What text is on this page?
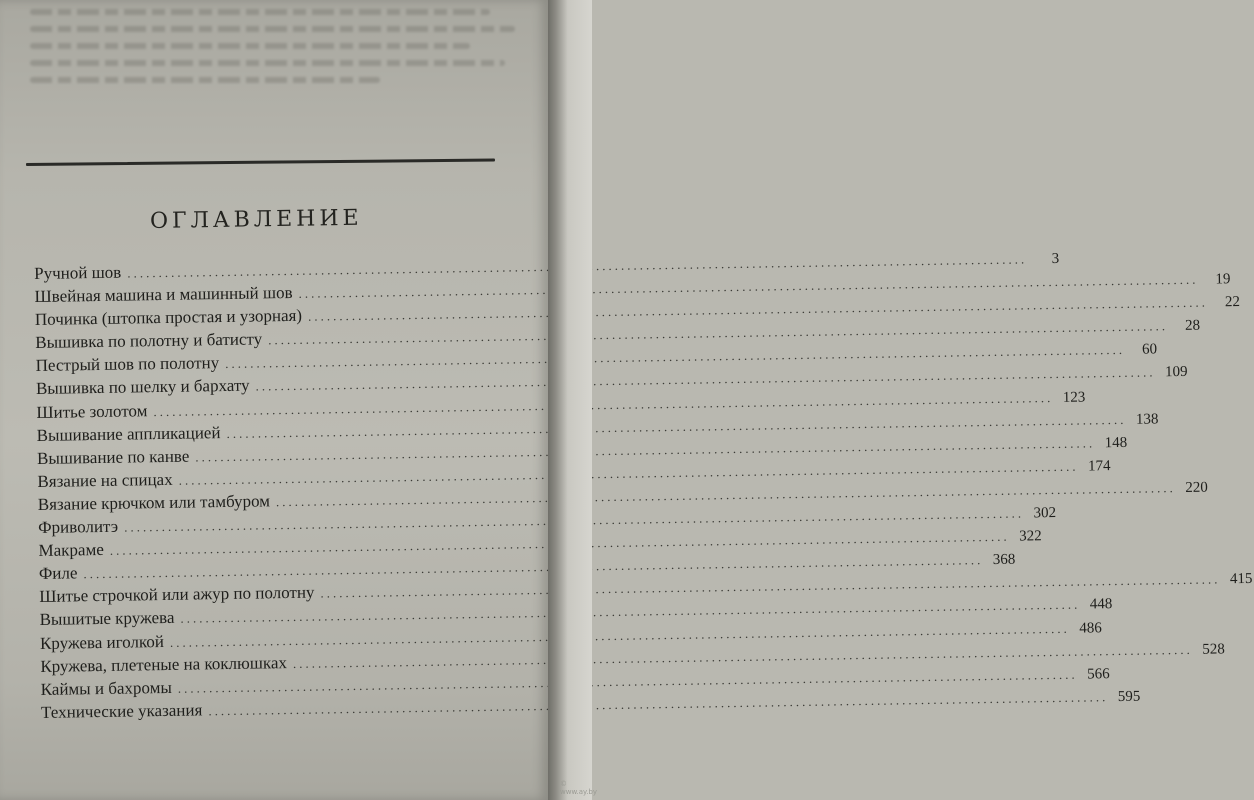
ОГЛАВЛЕНИЕ
Ручной шов
.....
3
Швейная машина и машинный шов
.....
19
Починка (штопка простая и узорная)
.....
22
Вышивка по полотну и батисту
.....
28
Пестрый шов по полотну
.....
60
Вышивка по шелку и бархату
.....
109
Шитье золотом
.....
123
Вышивание аппликацией
.....
138
Вышивание по канве
.....
148
Вязание на спицах
.....
174
Вязание крючком или тамбуром
.....
220
Фриволитэ
.....
302
Макраме
.....
322
Филе
.....
368
Шитье строчкой или ажур по полотну
.....
415
Вышитые кружева
.....
448
Кружева иголкой
.....
486
Кружева, плетеные на коклюшках
.....
528
Каймы и бахромы
.....
566
Технические указания
.....
595
© www.ay.by
